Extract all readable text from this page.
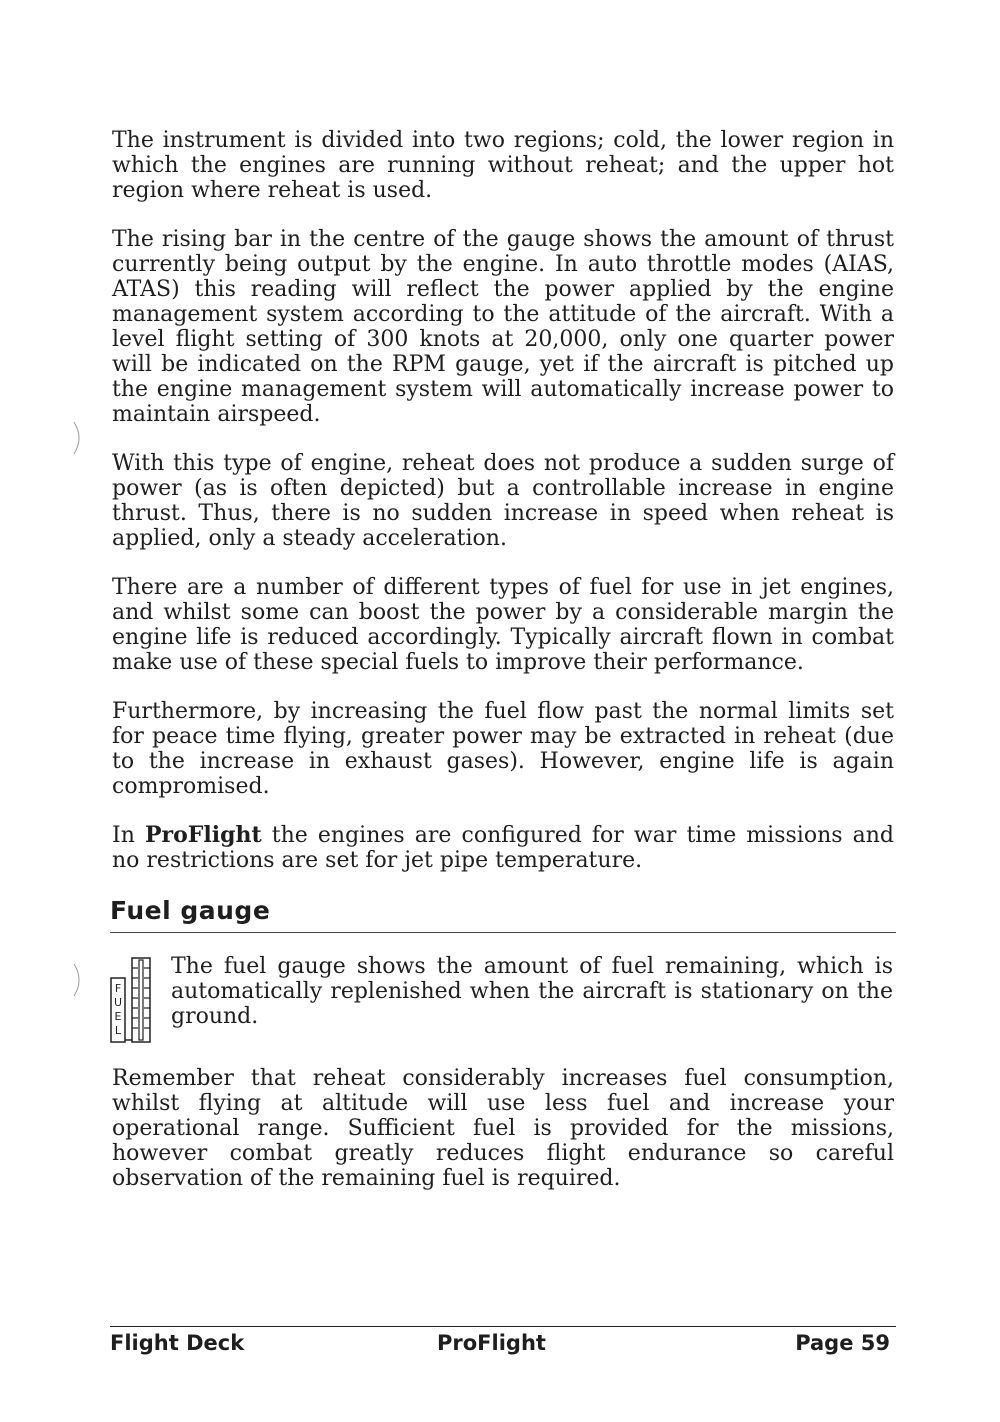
The instrument is divided into two regions; cold, the lower region in which the engines are running without reheat; and the upper hot region where reheat is used.

The rising bar in the centre of the gauge shows the amount of thrust currently being output by the engine. In auto throttle modes (AIAS, ATAS) this reading will reflect the power applied by the engine management system according to the attitude of the aircraft. With a level flight setting of 300 knots at 20,000, only one quarter power will be indicated on the RPM gauge, yet if the aircraft is pitched up the engine management system will automatically increase power to maintain airspeed.

With this type of engine, reheat does not produce a sudden surge of power (as is often depicted) but a controllable increase in engine thrust. Thus, there is no sudden increase in speed when reheat is applied, only a steady acceleration.

There are a number of different types of fuel for use in jet engines, and whilst some can boost the power by a considerable margin the engine life is reduced accordingly. Typically aircraft flown in combat make use of these special fuels to improve their performance.

Furthermore, by increasing the fuel flow past the normal limits set for peace time flying, greater power may be extracted in reheat (due to the increase in exhaust gases). However, engine life is again compromised.

In ProFlight the engines are configured for war time missions and no restrictions are set for jet pipe temperature.

Fuel gauge
F
U
E
L

The fuel gauge shows the amount of fuel remaining, which is automatically replenished when the aircraft is stationary on the ground.

Remember that reheat considerably increases fuel consumption, whilst flying at altitude will use less fuel and increase your operational range. Sufficient fuel is provided for the missions, however combat greatly reduces flight endurance so careful observation of the remaining fuel is required.

Flight Deck	ProFlight	Page 59
